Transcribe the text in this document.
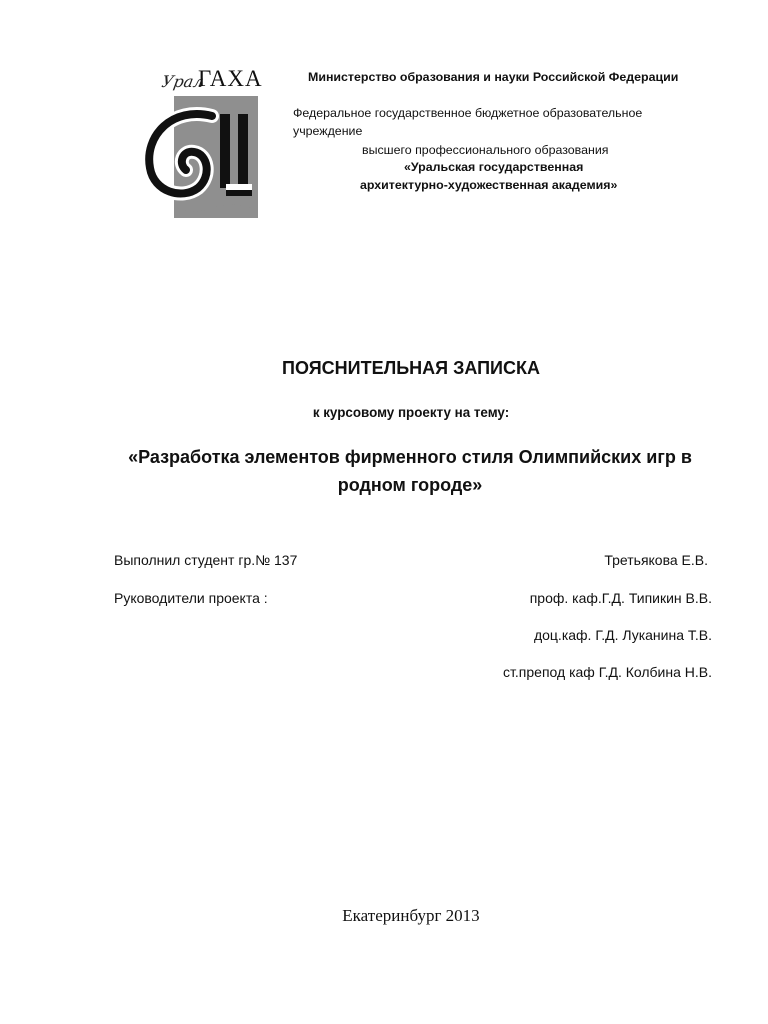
Урал
ГАХА	Министерство образования и науки Российской Федерации
Федеральное государственное бюджетное образовательное
учреждение
высшего профессионального образования
«Уральская государственная
архитектурно-художественная академия»
ПОЯСНИТЕЛЬНАЯ ЗАПИСКА
к курсовому проекту на тему:
«Разработка элементов фирменного стиля Олимпийских игр в родном городе»
Выполнил студент гр.№ 137	Третьякова Е.В.
Руководители проекта :	проф. каф.Г.Д. Типикин В.В.
доц.каф. Г.Д. Луканина Т.В.
ст.препод каф Г.Д. Колбина Н.В.
Екатеринбург 2013
